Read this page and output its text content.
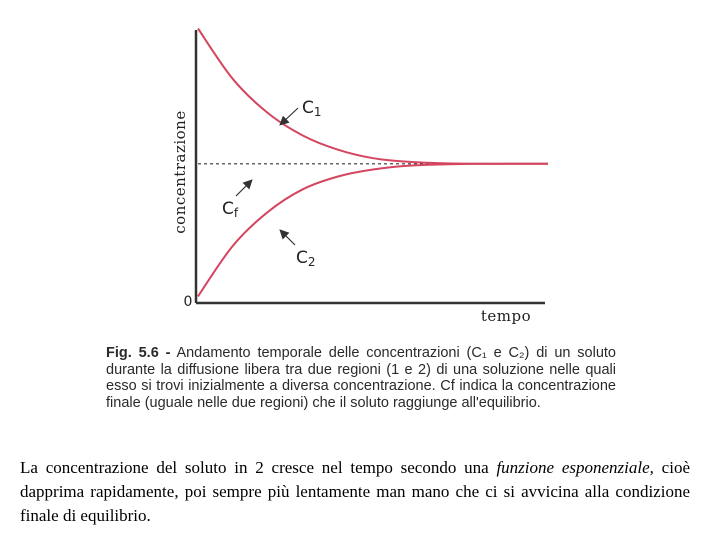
concentrazione
tempo
0
C1
C2
Cf
Fig. 5.6 - Andamento temporale delle concentrazioni (C₁ e C₂) di un soluto durante la diffusione libera tra due regioni (1 e 2) di una soluzione nelle quali esso si trovi inizialmente a diversa concentrazione. Cf indica la concentrazione finale (uguale nelle due regioni) che il soluto raggiunge all'equilibrio.
La concentrazione del soluto in 2 cresce nel tempo secondo una funzione esponenziale, cioè dapprima rapidamente, poi sempre più lentamente man mano che ci si avvicina alla condizione finale di equilibrio.
